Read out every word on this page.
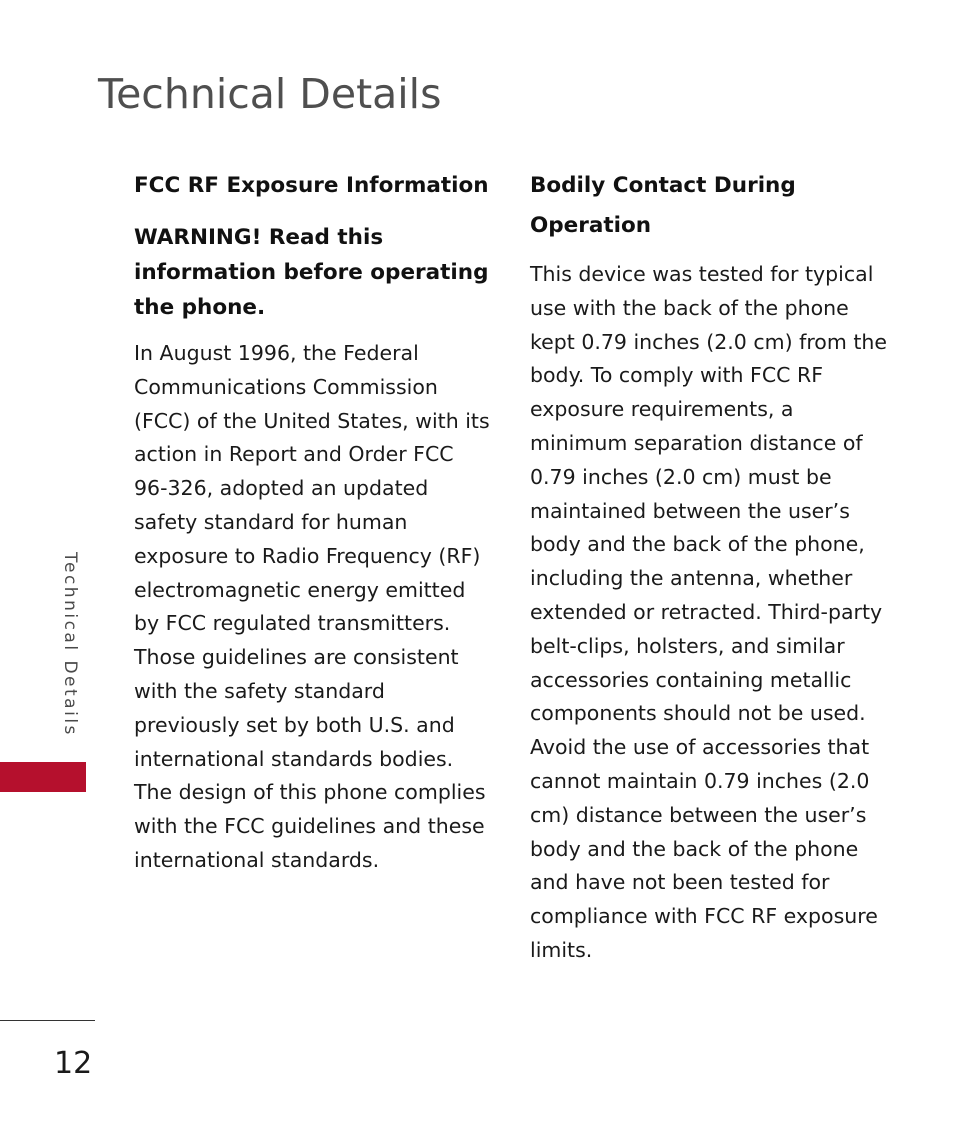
Technical Details
FCC RF Exposure Information

WARNING! Read this information before operating the phone.

In August 1996, the Federal Communications Commission (FCC) of the United States, with its action in Report and Order FCC 96-326, adopted an updated safety standard for human exposure to Radio Frequency (RF) electromagnetic energy emitted by FCC regulated transmitters. Those guidelines are consistent with the safety standard previously set by both U.S. and international standards bodies. The design of this phone complies with the FCC guidelines and these international standards.

Bodily Contact During Operation

This device was tested for typical use with the back of the phone kept 0.79 inches (2.0 cm) from the body. To comply with FCC RF exposure requirements, a minimum separation distance of 0.79 inches (2.0 cm) must be maintained between the user’s body and the back of the phone, including the antenna, whether extended or retracted. Third-party belt-clips, holsters, and similar accessories containing metallic components should not be used. Avoid the use of accessories that cannot maintain 0.79 inches (2.0 cm) distance between the user’s body and the back of the phone and have not been tested for compliance with FCC RF exposure limits.

Technical Details
12
